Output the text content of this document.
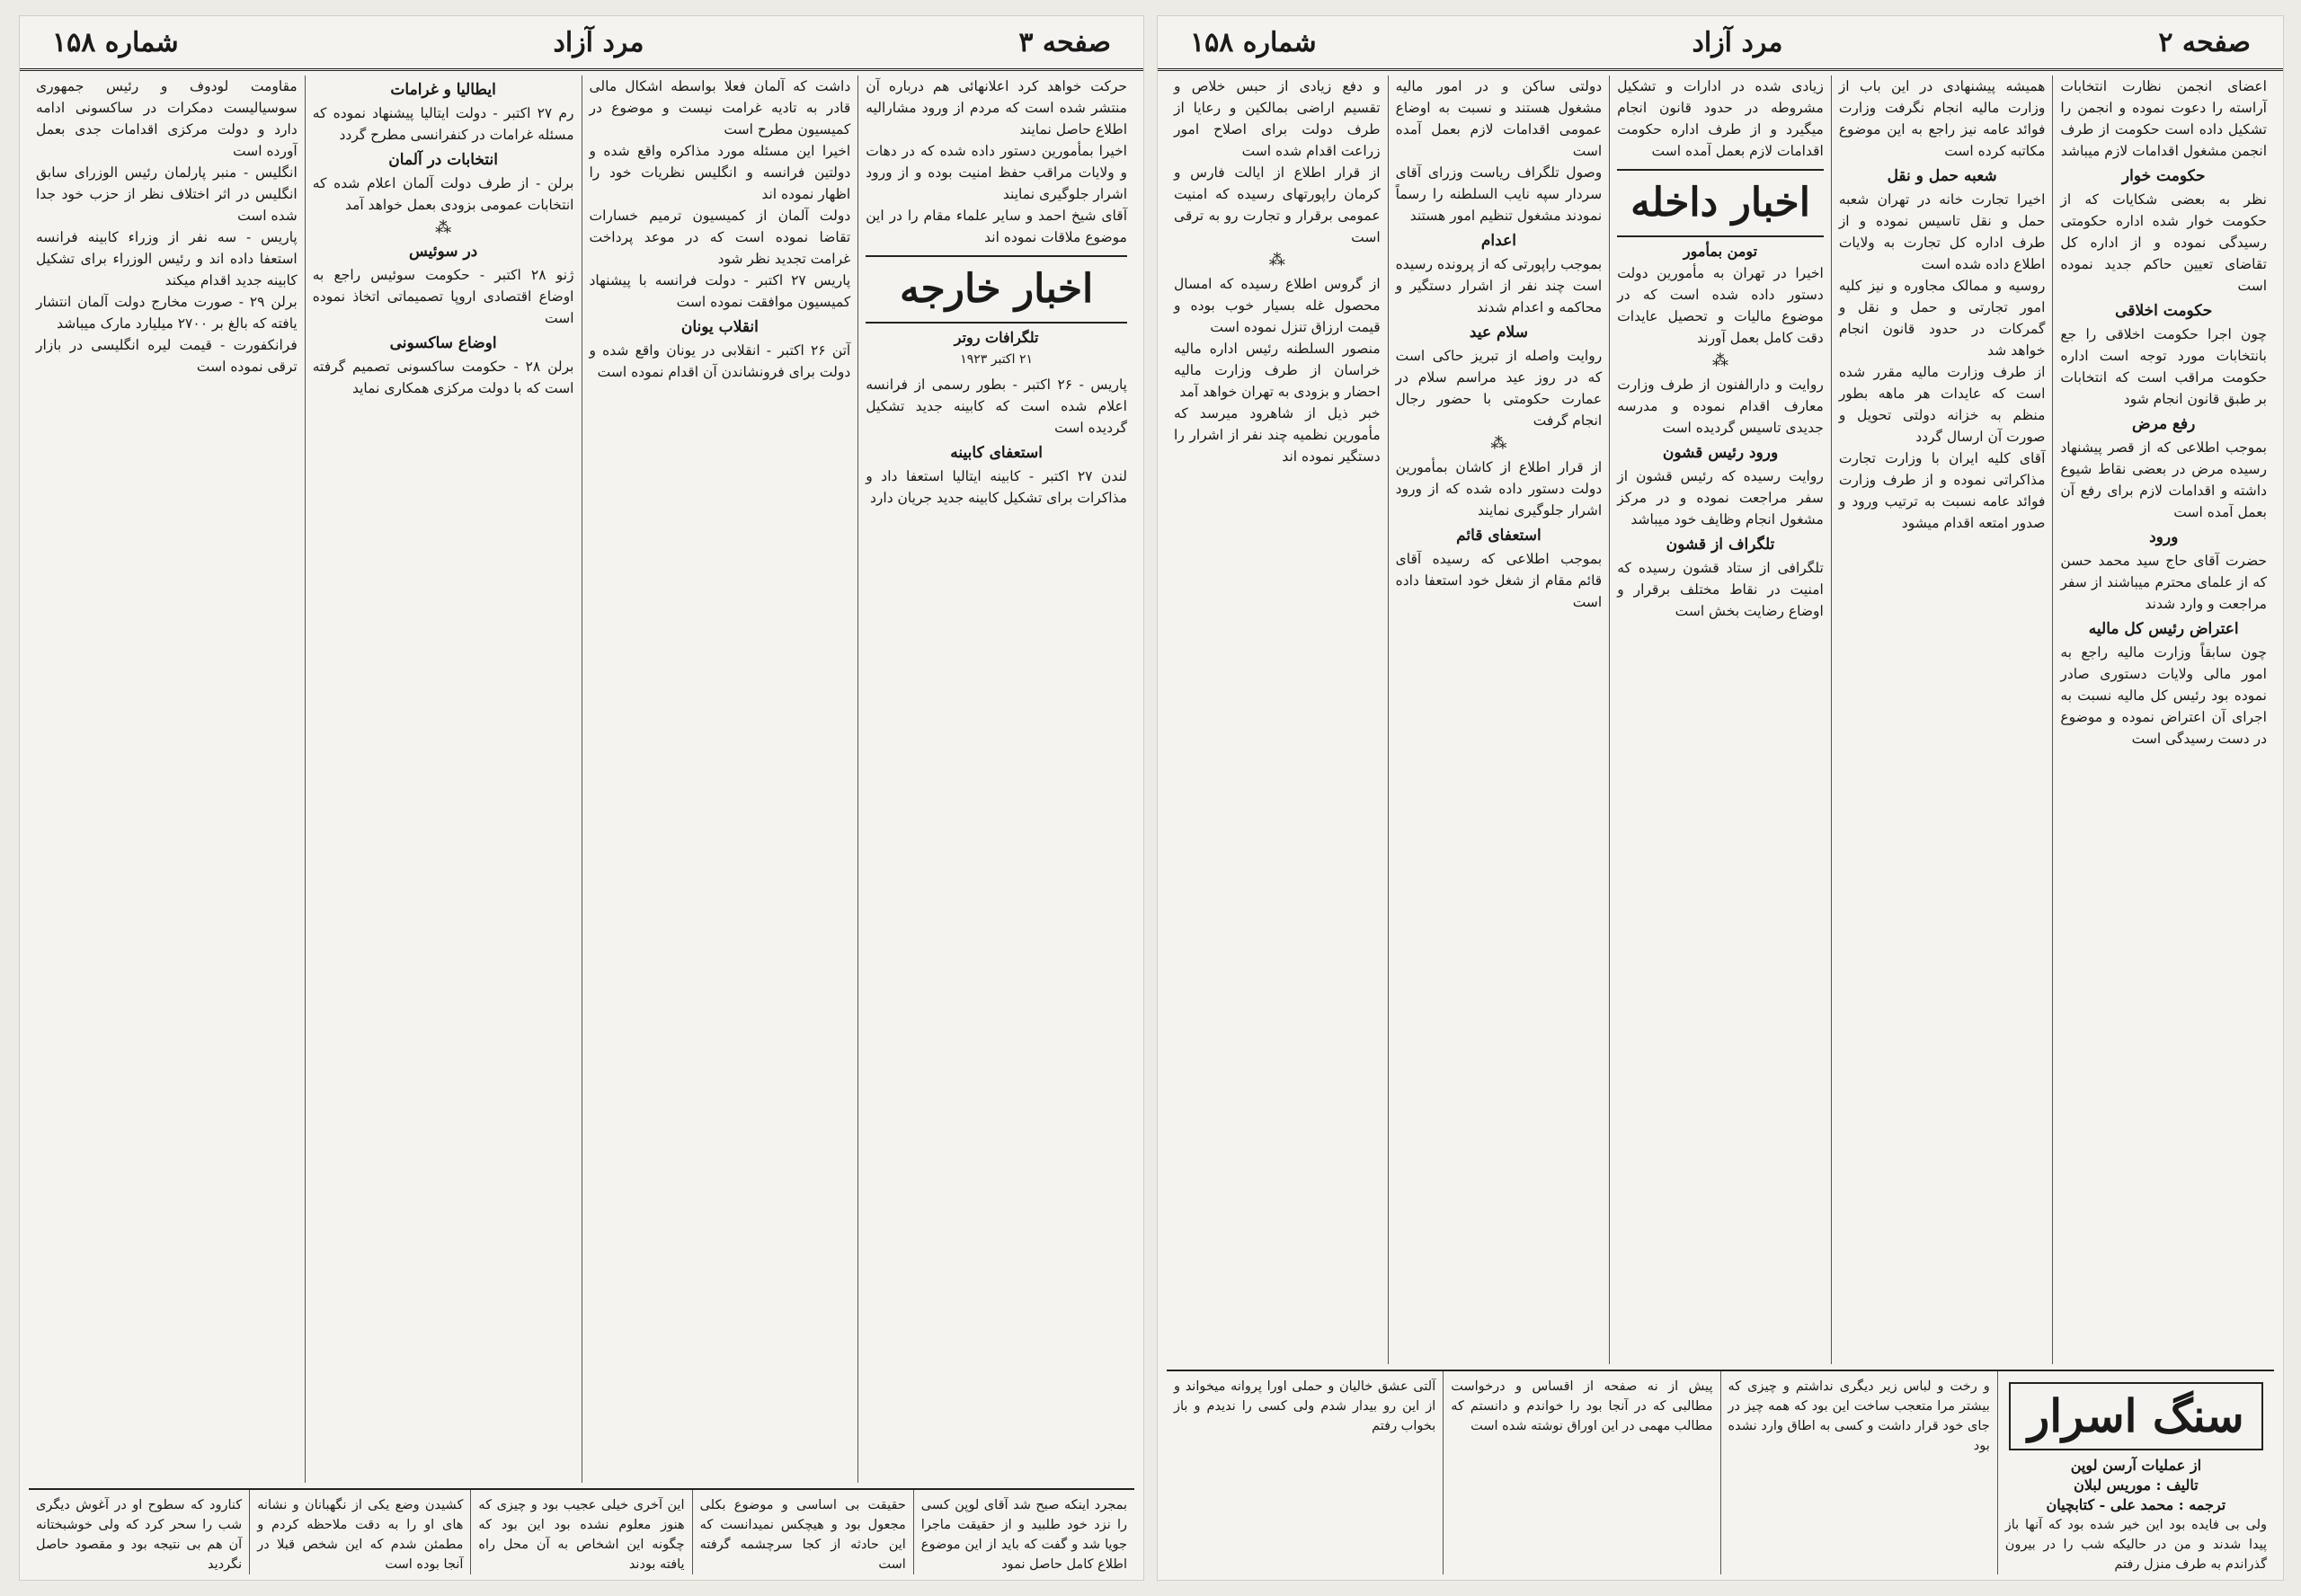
صفحه ۳
مرد آزاد
شماره ۱۵۸
حرکت خواهد کرد اعلانهائی هم درباره آن منتشر شده است که مردم از ورود مشارالیه اطلاع حاصل نمایند
اخیرا بمأمورین دستور داده شده که در دهات و ولایات مراقب حفظ امنیت بوده و از ورود اشرار جلوگیری نمایند
آقای شیخ احمد و سایر علماء مقام را در این موضوع ملاقات نموده اند
اخبار خارجه
تلگرافات روتر
۲۱ اکتبر ۱۹۲۳
پاریس - ۲۶ اکتبر - بطور رسمی از فرانسه اعلام شده است که کابینه جدید تشکیل گردیده است
استعفای کابینه
لندن ۲۷ اکتبر - کابینه ایتالیا استعفا داد و مذاکرات برای تشکیل کابینه جدید جریان دارد
داشت که آلمان فعلا بواسطه اشکال مالی قادر به تادیه غرامت نیست و موضوع در کمیسیون مطرح است
اخیرا این مسئله مورد مذاکره واقع شده و دولتین فرانسه و انگلیس نظریات خود را اظهار نموده اند
دولت آلمان از کمیسیون ترمیم خسارات تقاضا نموده است که در موعد پرداخت غرامت تجدید نظر شود
پاریس ۲۷ اکتبر - دولت فرانسه با پیشنهاد کمیسیون موافقت نموده است
انقلاب یونان
آتن ۲۶ اکتبر - انقلابی در یونان واقع شده و دولت برای فرونشاندن آن اقدام نموده است
ایطالیا و غرامات
رم ۲۷ اکتبر - دولت ایتالیا پیشنهاد نموده که مسئله غرامات در کنفرانسی مطرح گردد
انتخابات در آلمان
برلن - از طرف دولت آلمان اعلام شده که انتخابات عمومی بزودی بعمل خواهد آمد
⁂
در سوئیس
ژنو ۲۸ اکتبر - حکومت سوئیس راجع به اوضاع اقتصادی اروپا تصمیماتی اتخاذ نموده است
اوضاع ساکسونی
برلن ۲۸ - حکومت ساکسونی تصمیم گرفته است که با دولت مرکزی همکاری نماید
مقاومت لودوف و رئیس جمهوری سوسیالیست دمکرات در ساکسونی ادامه دارد و دولت مرکزی اقدامات جدی بعمل آورده است
انگلیس - منبر پارلمان رئیس الوزرای سابق انگلیس در اثر اختلاف نظر از حزب خود جدا شده است
پاریس - سه نفر از وزراء کابینه فرانسه استعفا داده اند و رئیس الوزراء برای تشکیل کابینه جدید اقدام میکند
برلن ۲۹ - صورت مخارج دولت آلمان انتشار یافته که بالغ بر ۲۷۰۰ میلیارد مارک میباشد
فرانکفورت - قیمت لیره انگلیسی در بازار ترقی نموده است
بمجرد اینکه صبح شد آقای لوپن کسی را نزد خود طلبید و از حقیقت ماجرا جویا شد و گفت که باید از این موضوع اطلاع کامل حاصل نمود
حقیقت بی اساسی و موضوع بکلی مجعول بود و هیچکس نمیدانست که این حادثه از کجا سرچشمه گرفته است
این آخری خیلی عجیب بود و چیزی که هنوز معلوم نشده بود این بود که چگونه این اشخاص به آن محل راه یافته بودند
کشیدن وضع یکی از نگهبانان و نشانه های او را به دقت ملاحظه کردم و مطمئن شدم که این شخص قبلا در آنجا بوده است
کنارود که سطوح او در آغوش دیگری شب را سحر کرد که ولی خوشبختانه آن هم بی نتیجه بود و مقصود حاصل نگردید
صفحه ۲
مرد آزاد
شماره ۱۵۸
اعضای انجمن نظارت انتخابات آراسته را دعوت نموده و انجمن را تشکیل داده است حکومت از طرف انجمن مشغول اقدامات لازم میباشد
حکومت خوار
نظر به بعضی شکایات که از حکومت خوار شده اداره حکومتی رسیدگی نموده و از اداره کل تقاضای تعیین حاکم جدید نموده است
حکومت اخلاقی
چون اجرا حکومت اخلاقی را جع بانتخابات مورد توجه است اداره حکومت مراقب است که انتخابات بر طبق قانون انجام شود
رفع مرض
بموجب اطلاعی که از قصر پیشنهاد رسیده مرض در بعضی نقاط شیوع داشته و اقدامات لازم برای رفع آن بعمل آمده است
ورود
حضرت آقای حاج سید محمد حسن که از علمای محترم میباشند از سفر مراجعت و وارد شدند
اعتراض رئیس کل مالیه
چون سابقاً وزارت مالیه راجع به امور مالی ولایات دستوری صادر نموده بود رئیس کل مالیه نسبت به اجرای آن اعتراض نموده و موضوع در دست رسیدگی است
همیشه پیشنهادی در این باب از وزارت مالیه انجام نگرفت وزارت فوائد عامه نیز راجع به این موضوع مکاتبه کرده است
شعبه حمل و نقل
اخیرا تجارت خانه در تهران شعبه حمل و نقل تاسیس نموده و از طرف اداره کل تجارت به ولایات اطلاع داده شده است
روسیه و ممالک مجاوره و نیز کلیه امور تجارتی و حمل و نقل و گمرکات در حدود قانون انجام خواهد شد
از طرف وزارت مالیه مقرر شده است که عایدات هر ماهه بطور منظم به خزانه دولتی تحویل و صورت آن ارسال گردد
آقای کلیه ایران با وزارت تجارت مذاکراتی نموده و از طرف وزارت فوائد عامه نسبت به ترتیب ورود و صدور امتعه اقدام میشود
زیادی شده در ادارات و تشکیل مشروطه در حدود قانون انجام میگیرد و از طرف اداره حکومت اقدامات لازم بعمل آمده است
اخبار داخله
تومن بمأمور
اخیرا در تهران به مأمورین دولت دستور داده شده است که در موضوع مالیات و تحصیل عایدات دقت کامل بعمل آورند
⁂
روایت و دارالفنون از طرف وزارت معارف اقدام نموده و مدرسه جدیدی تاسیس گردیده است
ورود رئیس قشون
روایت رسیده که رئیس قشون از سفر مراجعت نموده و در مرکز مشغول انجام وظایف خود میباشد
تلگراف از قشون
تلگرافی از ستاد قشون رسیده که امنیت در نقاط مختلف برقرار و اوضاع رضایت بخش است
دولتی ساکن و در امور مالیه مشغول هستند و نسبت به اوضاع عمومی اقدامات لازم بعمل آمده است
وصول تلگراف ریاست وزرای آقای سردار سپه نایب السلطنه را رسماً نمودند مشغول تنظیم امور هستند
اعدام
بموجب راپورتی که از پرونده رسیده است چند نفر از اشرار دستگیر و محاکمه و اعدام شدند
سلام عید
روایت واصله از تبریز حاکی است که در روز عید مراسم سلام در عمارت حکومتی با حضور رجال انجام گرفت
⁂
از قرار اطلاع از کاشان بمأمورین دولت دستور داده شده که از ورود اشرار جلوگیری نمایند
استعفای قائم
بموجب اطلاعی که رسیده آقای قائم مقام از شغل خود استعفا داده است
و دفع زیادی از حبس خلاص و تقسیم اراضی بمالکین و رعایا از طرف دولت برای اصلاح امور زراعت اقدام شده است
از قرار اطلاع از ایالت فارس و کرمان راپورتهای رسیده که امنیت عمومی برقرار و تجارت رو به ترقی است
⁂
از گروس اطلاع رسیده که امسال محصول غله بسیار خوب بوده و قیمت ارزاق تنزل نموده است
منصور السلطنه رئیس اداره مالیه خراسان از طرف وزارت مالیه احضار و بزودی به تهران خواهد آمد
خبر ذیل از شاهرود میرسد که مأمورین نظمیه چند نفر از اشرار را دستگیر نموده اند
سنگ اسرار
از عملیات آرسن لوپن
تالیف : موریس لبلان
ترجمه : محمد علی - کتابچیان
ولی بی فایده بود این خیر شده بود که آنها باز پیدا شدند و من در حالیکه شب را در بیرون گذراندم به طرف منزل رفتم
و رخت و لباس زیر دیگری نداشتم و چیزی که بیشتر مرا متعجب ساخت این بود که همه چیز در جای خود قرار داشت و کسی به اطاق وارد نشده بود
پیش از نه صفحه از اقساس و درخواست مطالبی که در آنجا بود را خواندم و دانستم که مطالب مهمی در این اوراق نوشته شده است
آلتی عشق خالیان و حملی اورا پروانه میخواند و از این رو بیدار شدم ولی کسی را ندیدم و باز بخواب رفتم
